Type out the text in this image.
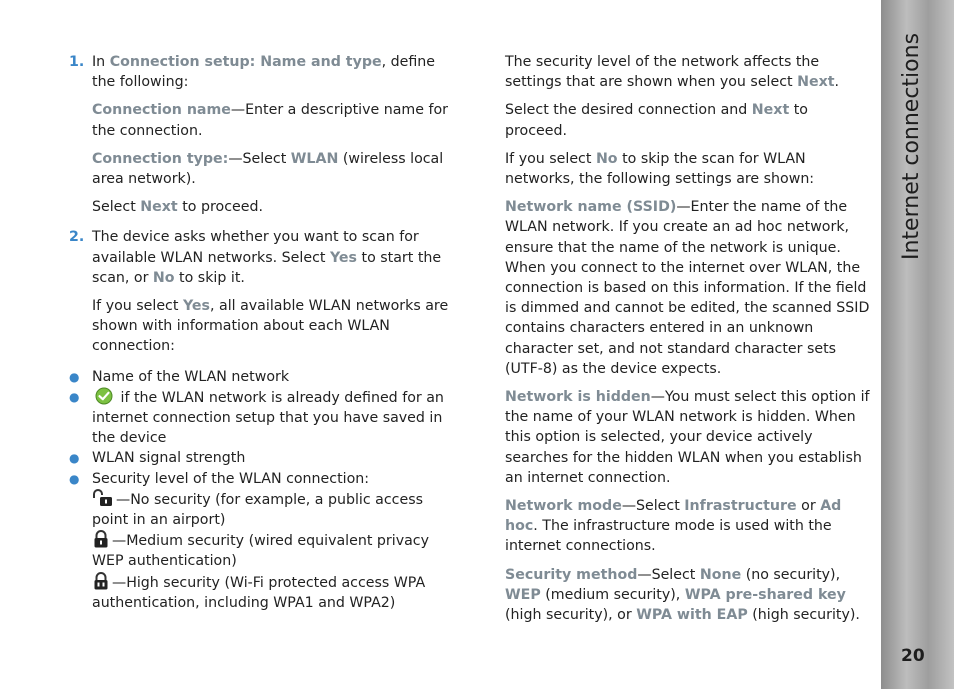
1. In Connection setup: Name and type, define the following:

Connection name—Enter a descriptive name for the connection.

Connection type:—Select WLAN (wireless local area network).

Select Next to proceed.

2. The device asks whether you want to scan for available WLAN networks. Select Yes to start the scan, or No to skip it.

If you select Yes, all available WLAN networks are shown with information about each WLAN connection:

● Name of the WLAN network
●	if the WLAN network is already defined for an internet connection setup that you have saved in the device
● WLAN signal strength
● Security level of the WLAN connection:
—No security (for example, a public access point in an airport)
—Medium security (wired equivalent privacy WEP authentication)
—High security (Wi-Fi protected access WPA authentication, including WPA1 and WPA2)

The security level of the network affects the settings that are shown when you select Next.

Select the desired connection and Next to proceed.

If you select No to skip the scan for WLAN networks, the following settings are shown:

Network name (SSID)—Enter the name of the WLAN network. If you create an ad hoc network, ensure that the name of the network is unique. When you connect to the internet over WLAN, the connection is based on this information. If the field is dimmed and cannot be edited, the scanned SSID contains characters entered in an unknown character set, and not standard character sets (UTF-8) as the device expects.

Network is hidden—You must select this option if the name of your WLAN network is hidden. When this option is selected, your device actively searches for the hidden WLAN when you establish an internet connection.

Network mode—Select Infrastructure or Ad hoc. The infrastructure mode is used with the internet connections.

Security method—Select None (no security), WEP (medium security), WPA pre-shared key (high security), or WPA with EAP (high security).

Internet connections
20
